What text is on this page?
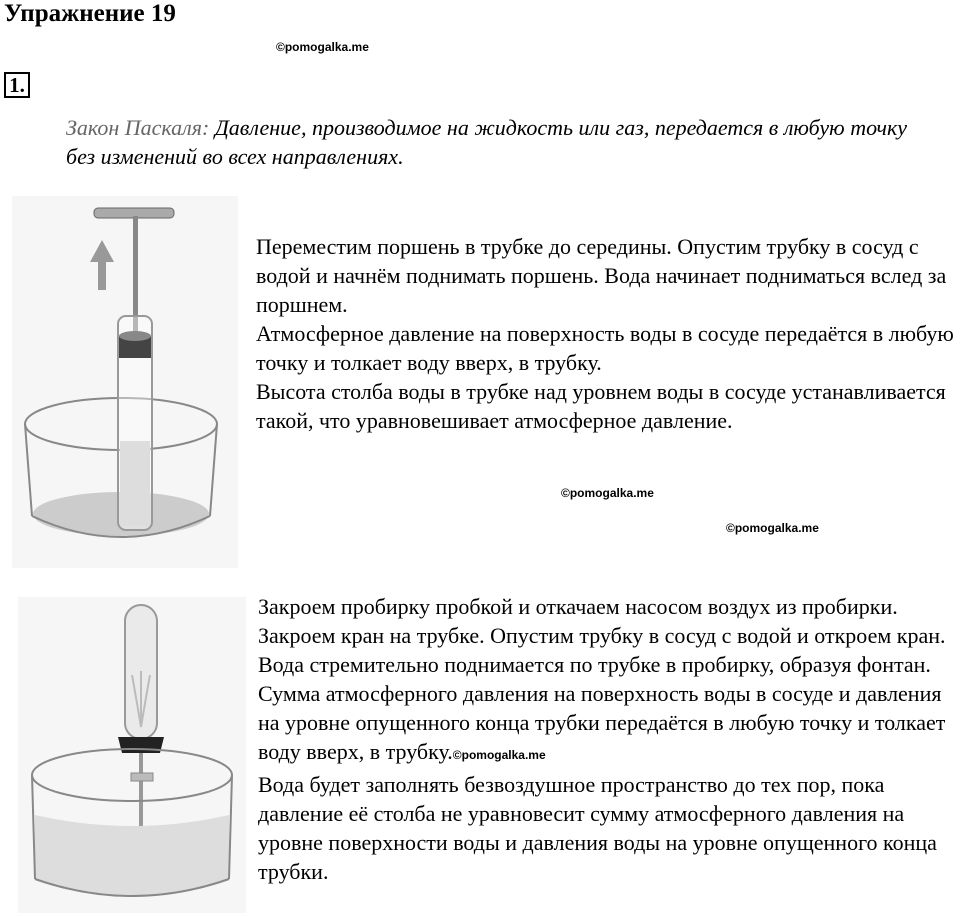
Упражнение 19
©pomogalka.me
1.
Закон Паскаля: Давление, производимое на жидкость или газ, передается в любую точку без изменений во всех направлениях.
Переместим поршень в трубке до середины. Опустим трубку в сосуд с водой и начнём поднимать поршень. Вода начинает подниматься вслед за поршнем.
Атмосферное давление на поверхность воды в сосуде передаётся в любую точку и толкает воду вверх, в трубку.
Высота столба воды в трубке над уровнем воды в сосуде устанавливается такой, что уравновешивает атмосферное давление.
©pomogalka.me
©pomogalka.me
Закроем пробирку пробкой и откачаем насосом воздух из пробирки. Закроем кран на трубке. Опустим трубку в сосуд с водой и откроем кран. Вода стремительно поднимается по трубке в пробирку, образуя фонтан.
Сумма атмосферного давления на поверхность воды в сосуде и давления на уровне опущенного конца трубки передаётся в любую точку и толкает воду вверх, в трубку.©pomogalka.me
Вода будет заполнять безвоздушное пространство до тех пор, пока давление её столба не уравновесит сумму атмосферного давления на уровне поверхности воды и давления воды на уровне опущенного конца трубки.
